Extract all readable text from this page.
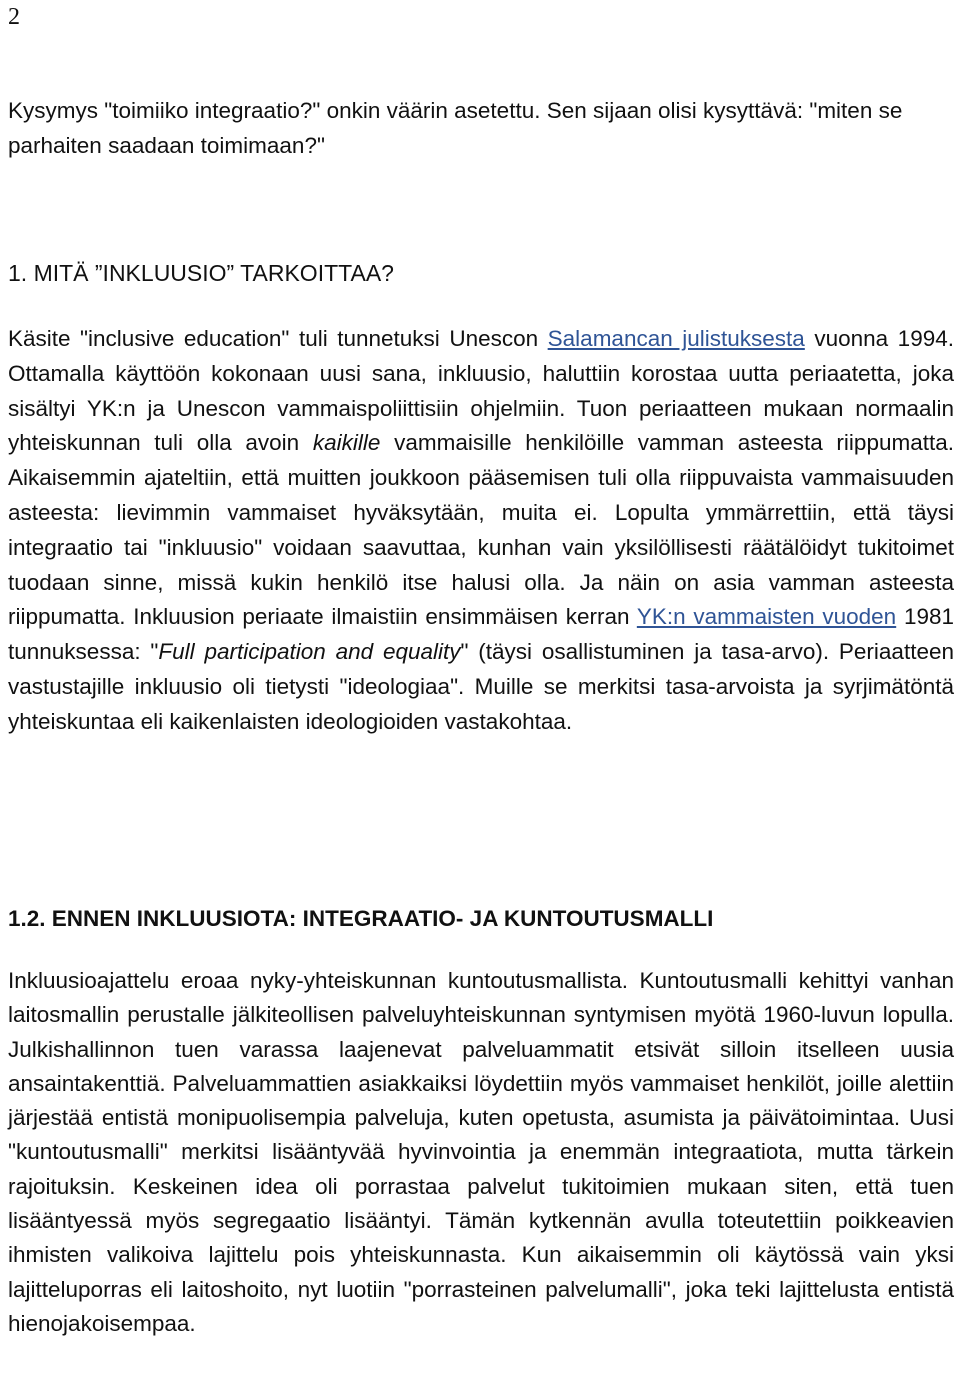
2

Kysymys "toimiiko integraatio?" onkin väärin asetettu. Sen sijaan olisi kysyttävä: "miten se parhaiten saadaan toimimaan?"

1. MITÄ ”INKLUUSIO” TARKOITTAA?

Käsite "inclusive education" tuli tunnetuksi Unescon Salamancan julistuksesta vuonna 1994. Ottamalla käyttöön kokonaan uusi sana, inkluusio, haluttiin korostaa uutta periaatetta, joka sisältyi YK:n ja Unescon vammaispoliittisiin ohjelmiin. Tuon periaatteen mukaan normaalin yhteiskunnan tuli olla avoin kaikille vammaisille henkilöille vamman asteesta riippumatta. Aikaisemmin ajateltiin, että muitten joukkoon pääsemisen tuli olla riippuvaista vammaisuuden asteesta: lievimmin vammaiset hyväksytään, muita ei. Lopulta ymmärrettiin, että täysi integraatio tai "inkluusio" voidaan saavuttaa, kunhan vain yksilöllisesti räätälöidyt tukitoimet tuodaan sinne, missä kukin henkilö itse halusi olla. Ja näin on asia vamman asteesta riippumatta. Inkluusion periaate ilmaistiin ensimmäisen kerran YK:n vammaisten vuoden 1981 tunnuksessa: "Full participation and equality" (täysi osallistuminen ja tasa-arvo). Periaatteen vastustajille inkluusio oli tietysti "ideologiaa". Muille se merkitsi tasa-arvoista ja syrjimätöntä yhteiskuntaa eli kaikenlaisten ideologioiden vastakohtaa.

1.2. ENNEN INKLUUSIOTA: INTEGRAATIO- JA KUNTOUTUSMALLI

Inkluusioajattelu eroaa nyky-yhteiskunnan kuntoutusmallista. Kuntoutusmalli kehittyi vanhan laitosmallin perustalle jälkiteollisen palveluyhteiskunnan syntymisen myötä 1960-luvun lopulla. Julkishallinnon tuen varassa laajenevat palveluammatit etsivät silloin itselleen uusia ansaintakenttiä. Palveluammattien asiakkaiksi löydettiin myös vammaiset henkilöt, joille alettiin järjestää entistä monipuolisempia palveluja, kuten opetusta, asumista ja päivätoimintaa. Uusi "kuntoutusmalli" merkitsi lisääntyvää hyvinvointia ja enemmän integraatiota, mutta tärkein rajoituksin. Keskeinen idea oli porrastaa palvelut tukitoimien mukaan siten, että tuen lisääntyessä myös segregaatio lisääntyi. Tämän kytkennän avulla toteutettiin poikkeavien ihmisten valikoiva lajittelu pois yhteiskunnasta. Kun aikaisemmin oli käytössä vain yksi lajitteluporras eli laitoshoito, nyt luotiin "porrasteinen palvelumalli", joka teki lajittelusta entistä hienojakoisempaa.
